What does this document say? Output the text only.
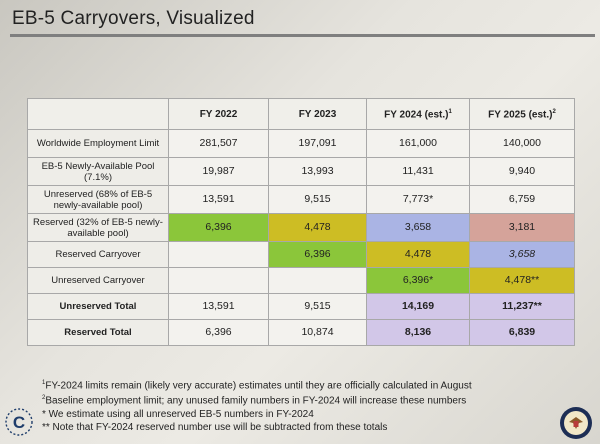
EB-5 Carryovers, Visualized
	FY 2022	FY 2023	FY 2024 $(est.)^1$	FY 2025 $(est.)^2$
Worldwide Employment Limit	281,507	197,091	161,000	140,000
EB-5 Newly-Available Pool (7.1%)	19,987	13,993	11,431	9,940
Unreserved (68% of EB-5 newly-available pool)	13,591	9,515	7,773*	6,759
Reserved (32% of EB-5 newly-available pool)	6,396	4,478	3,658	3,181
Reserved Carryover		6,396	4,478	3,658
Unreserved Carryover			6,396*	4,478**
Unreserved Total	13,591	9,515	14,169	11,237**
Reserved Total	6,396	10,874	8,136	6,839
$^1$FY-2024 limits remain (likely very accurate) estimates until they are officially calculated in August
$^2$Baseline employment limit; any unused family numbers in FY-2024 will increase these numbers
* We estimate using all unreserved EB-5 numbers in FY-2024
** Note that FY-2024 reserved number use will be subtracted from these totals
C
